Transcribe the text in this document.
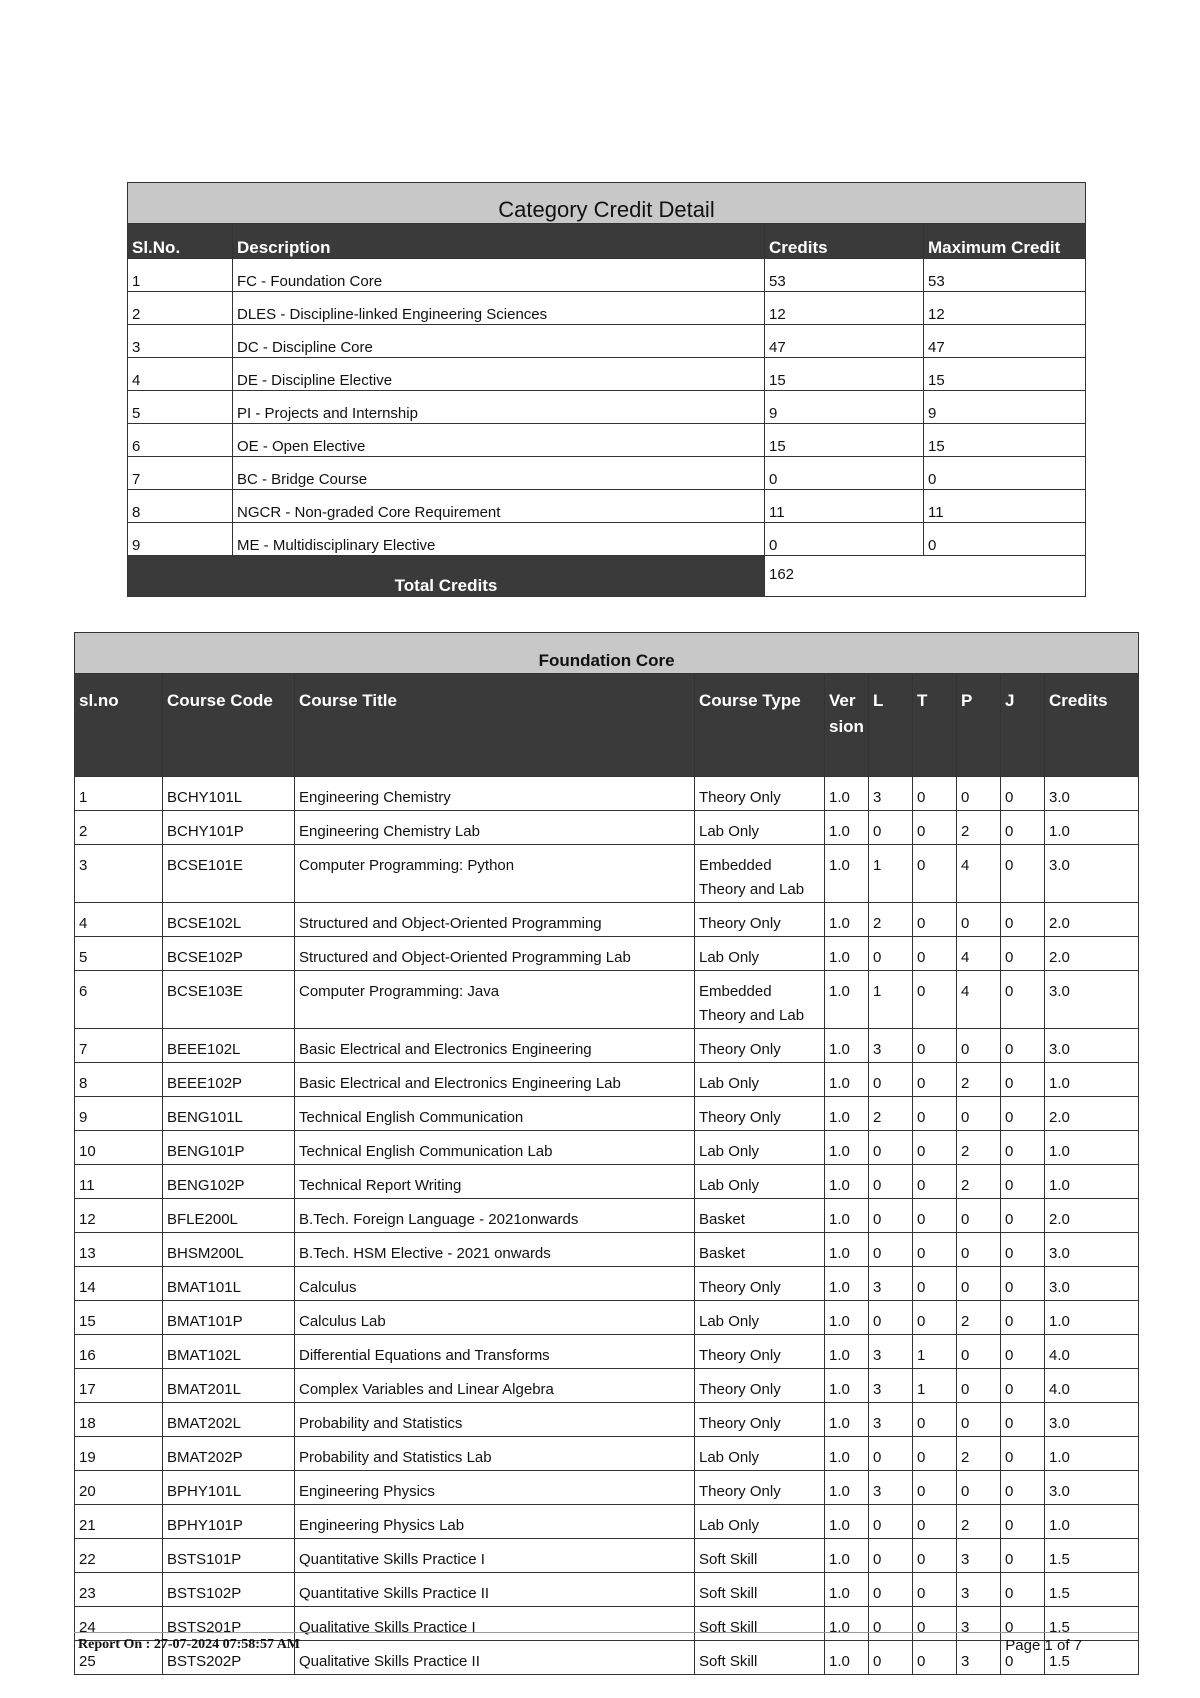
Category Credit Detail			
Sl.No.	Description	Credits	Maximum Credit
1	FC - Foundation Core	53	53
2	DLES - Discipline-linked Engineering Sciences	12	12
3	DC - Discipline Core	47	47
4	DE - Discipline Elective	15	15
5	PI - Projects and Internship	9	9
6	OE - Open Elective	15	15
7	BC - Bridge Course	0	0
8	NGCR - Non-graded Core Requirement	11	11
9	ME - Multidisciplinary Elective	0	0
Total Credits		162	
Foundation Core									
sl.no	Course Code	Course Title	Course Type	Version	L	T	P	J	Credits
1	BCHY101L	Engineering Chemistry	Theory Only	1.0	3	0	0	0	3.0
2	BCHY101P	Engineering Chemistry Lab	Lab Only	1.0	0	0	2	0	1.0
3	BCSE101E	Computer Programming: Python	Embedded Theory and Lab	1.0	1	0	4	0	3.0
4	BCSE102L	Structured and Object-Oriented Programming	Theory Only	1.0	2	0	0	0	2.0
5	BCSE102P	Structured and Object-Oriented Programming Lab	Lab Only	1.0	0	0	4	0	2.0
6	BCSE103E	Computer Programming: Java	Embedded Theory and Lab	1.0	1	0	4	0	3.0
7	BEEE102L	Basic Electrical and Electronics Engineering	Theory Only	1.0	3	0	0	0	3.0
8	BEEE102P	Basic Electrical and Electronics Engineering Lab	Lab Only	1.0	0	0	2	0	1.0
9	BENG101L	Technical English Communication	Theory Only	1.0	2	0	0	0	2.0
10	BENG101P	Technical English Communication Lab	Lab Only	1.0	0	0	2	0	1.0
11	BENG102P	Technical Report Writing	Lab Only	1.0	0	0	2	0	1.0
12	BFLE200L	B.Tech. Foreign Language - 2021onwards	Basket	1.0	0	0	0	0	2.0
13	BHSM200L	B.Tech. HSM Elective - 2021 onwards	Basket	1.0	0	0	0	0	3.0
14	BMAT101L	Calculus	Theory Only	1.0	3	0	0	0	3.0
15	BMAT101P	Calculus Lab	Lab Only	1.0	0	0	2	0	1.0
16	BMAT102L	Differential Equations and Transforms	Theory Only	1.0	3	1	0	0	4.0
17	BMAT201L	Complex Variables and Linear Algebra	Theory Only	1.0	3	1	0	0	4.0
18	BMAT202L	Probability and Statistics	Theory Only	1.0	3	0	0	0	3.0
19	BMAT202P	Probability and Statistics Lab	Lab Only	1.0	0	0	2	0	1.0
20	BPHY101L	Engineering Physics	Theory Only	1.0	3	0	0	0	3.0
21	BPHY101P	Engineering Physics Lab	Lab Only	1.0	0	0	2	0	1.0
22	BSTS101P	Quantitative Skills Practice I	Soft Skill	1.0	0	0	3	0	1.5
23	BSTS102P	Quantitative Skills Practice II	Soft Skill	1.0	0	0	3	0	1.5
24	BSTS201P	Qualitative Skills Practice I	Soft Skill	1.0	0	0	3	0	1.5
25	BSTS202P	Qualitative Skills Practice II	Soft Skill	1.0	0	0	3	0	1.5
Report On : 27-07-2024 07:58:57 AM	Page 1 of 7
